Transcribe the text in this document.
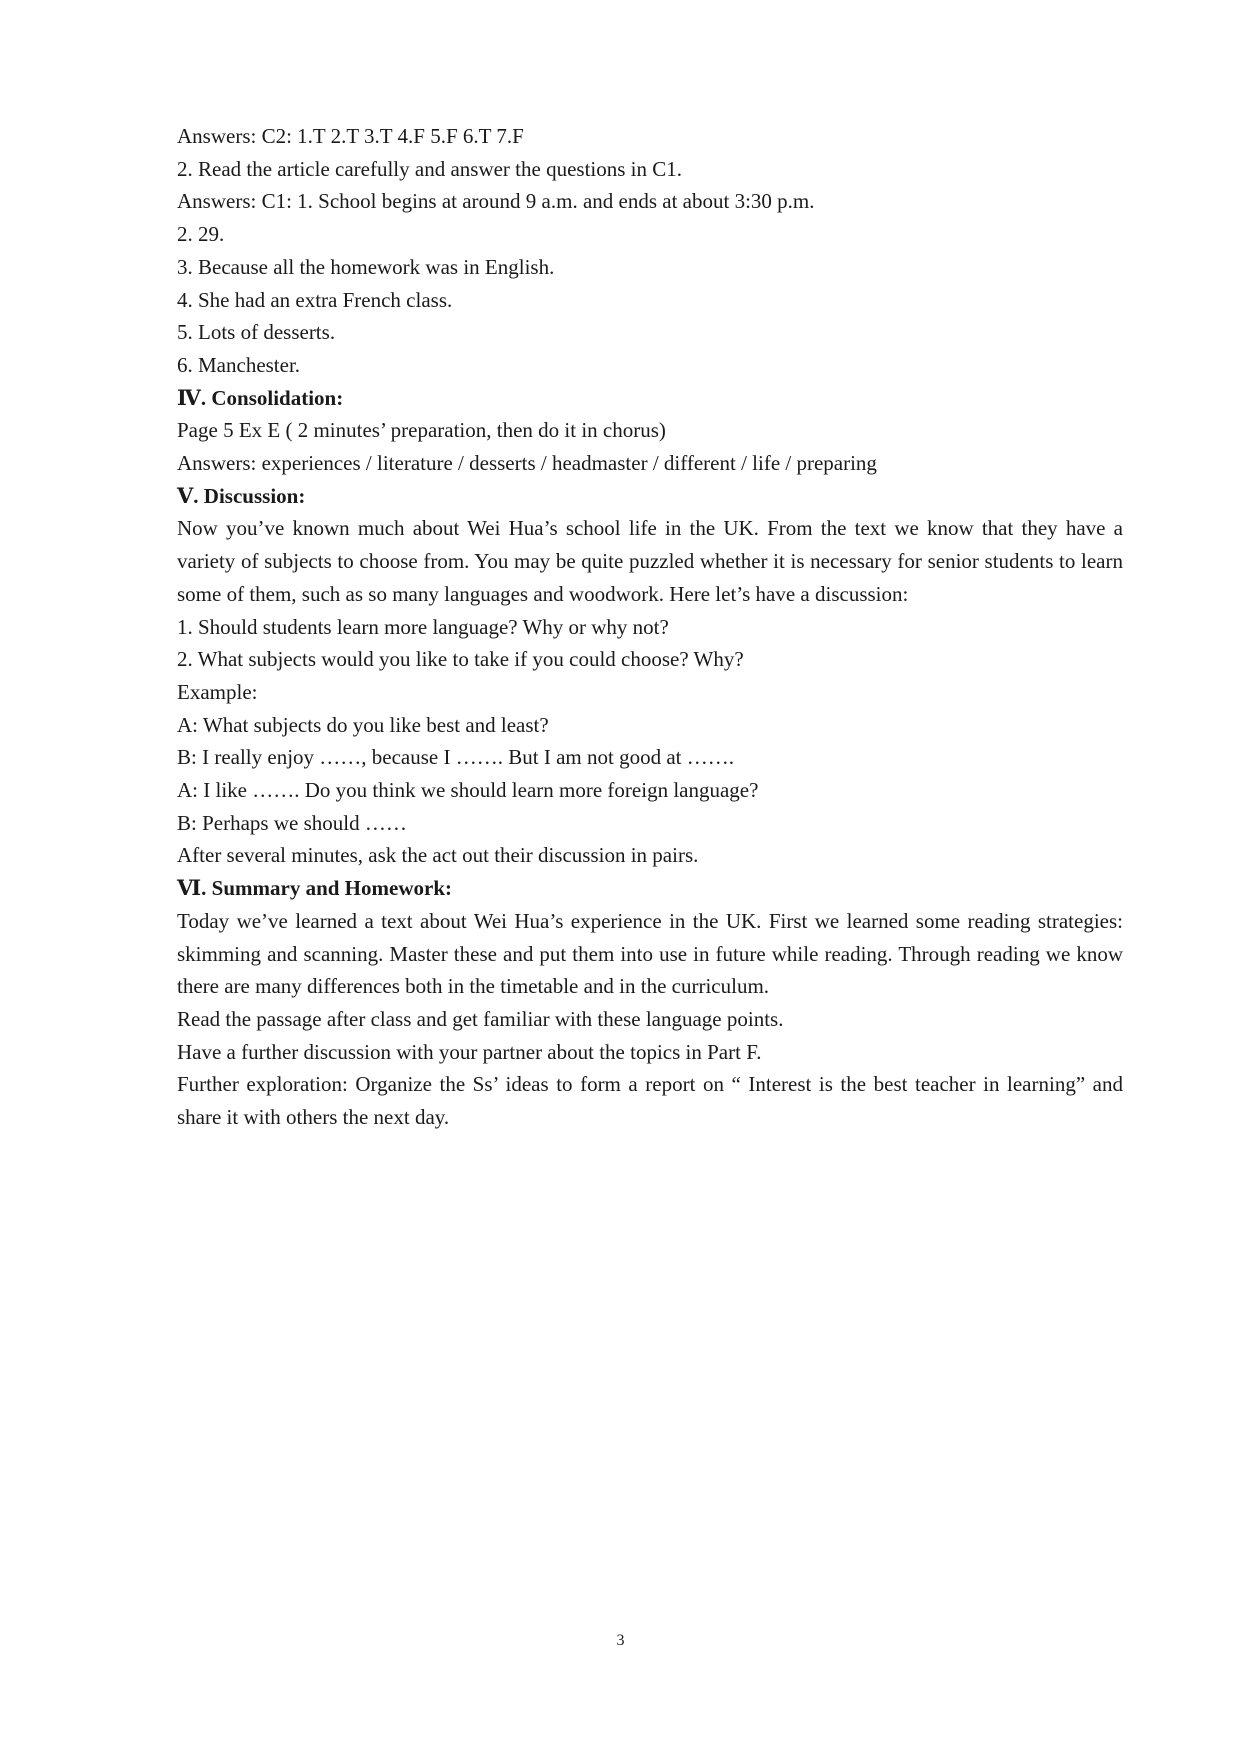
Answers: C2: 1.T 2.T 3.T 4.F 5.F 6.T 7.F
2. Read the article carefully and answer the questions in C1.
Answers: C1: 1. School begins at around 9 a.m. and ends at about 3:30 p.m.
2. 29.
3. Because all the homework was in English.
4. She had an extra French class.
5. Lots of desserts.
6. Manchester.
Ⅳ. Consolidation:
Page 5 Ex E ( 2 minutes’ preparation, then do it in chorus)
Answers: experiences / literature / desserts / headmaster / different / life / preparing
Ⅴ. Discussion:
Now you’ve known much about Wei Hua’s school life in the UK. From the text we know that they have a variety of subjects to choose from. You may be quite puzzled whether it is necessary for senior students to learn some of them, such as so many languages and woodwork. Here let’s have a discussion:
1. Should students learn more language? Why or why not?
2. What subjects would you like to take if you could choose? Why?
Example:
A: What subjects do you like best and least?
B: I really enjoy ……, because I ……. But I am not good at …….
A: I like ……. Do you think we should learn more foreign language?
B: Perhaps we should ……
After several minutes, ask the act out their discussion in pairs.
Ⅵ. Summary and Homework:
Today we’ve learned a text about Wei Hua’s experience in the UK. First we learned some reading strategies: skimming and scanning. Master these and put them into use in future while reading. Through reading we know there are many differences both in the timetable and in the curriculum.
Read the passage after class and get familiar with these language points.
Have a further discussion with your partner about the topics in Part F.
Further exploration: Organize the Ss’ ideas to form a report on “ Interest is the best teacher in learning” and share it with others the next day.
3
